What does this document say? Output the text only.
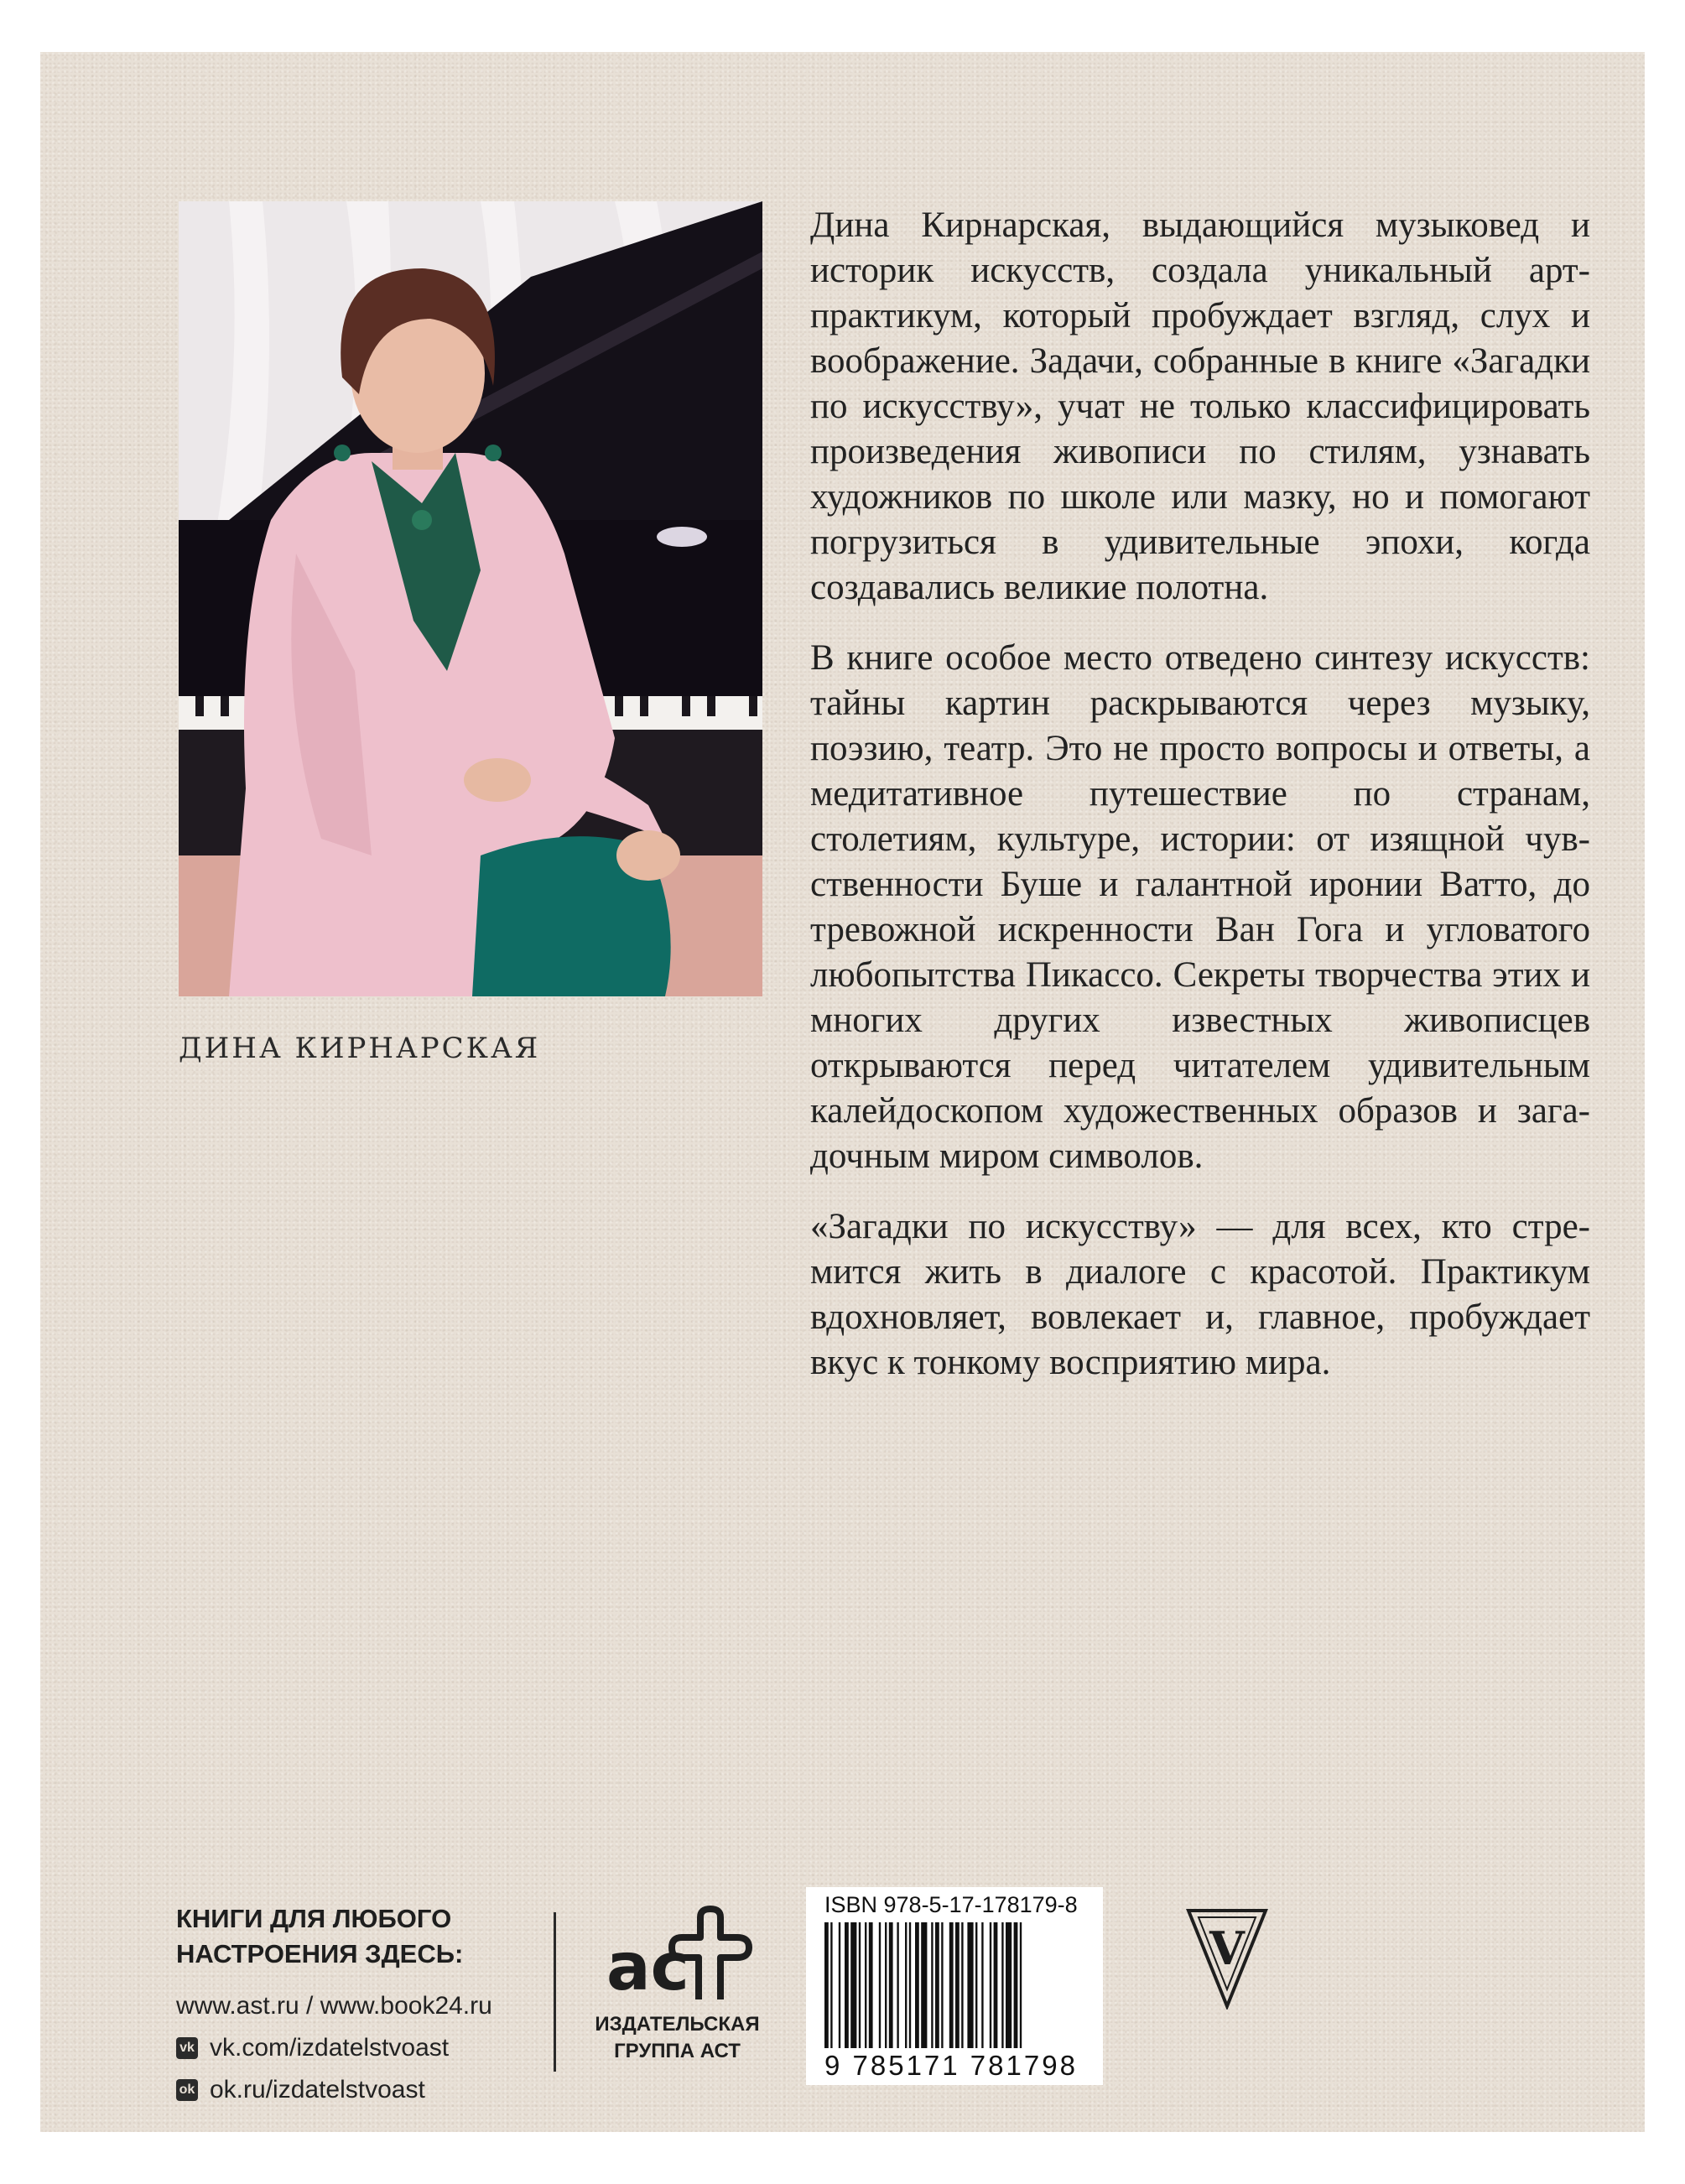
ДИНА КИРНАРСКАЯ

Дина Кирнарская, выдающийся музыковед и историк искусств, создала уникальный арт-практикум, который пробуждает взгляд, слух и воображение. Задачи, собранные в книге «Загадки по искусству», учат не только классифицировать произведения живописи по стилям, узнавать художников по школе или мазку, но и помогают погрузиться в удивительные эпохи, когда создавались великие полотна.

В книге особое место отведено синтезу искусств: тайны картин раскрываются через музыку, поэзию, театр. Это не просто вопросы и ответы, а медитативное путешествие по странам, столетиям, культуре, истории: от изящной чувственности Буше и галантной иронии Ватто, до тревожной искренности Ван Гога и угловатого любопытства Пикассо. Секреты творчества этих и многих других известных живописцев открываются перед читателем удивительным калейдоскопом художественных образов и загадочным миром символов.

«Загадки по искусству» — для всех, кто стремится жить в диалоге с красотой. Практикум вдохновляет, вовлекает и, главное, пробуждает вкус к тонкому восприятию мира.

КНИГИ ДЛЯ ЛЮБОГО
НАСТРОЕНИЯ ЗДЕСЬ:
www.ast.ru / www.book24.ru
vk vk.com/izdatelstvoast
ok ok.ru/izdatelstvoast
ac
ИЗДАТЕЛЬСКАЯ
ГРУППА АСТ
ISBN 978-5-17-178179-8
9 785171 781798
V
